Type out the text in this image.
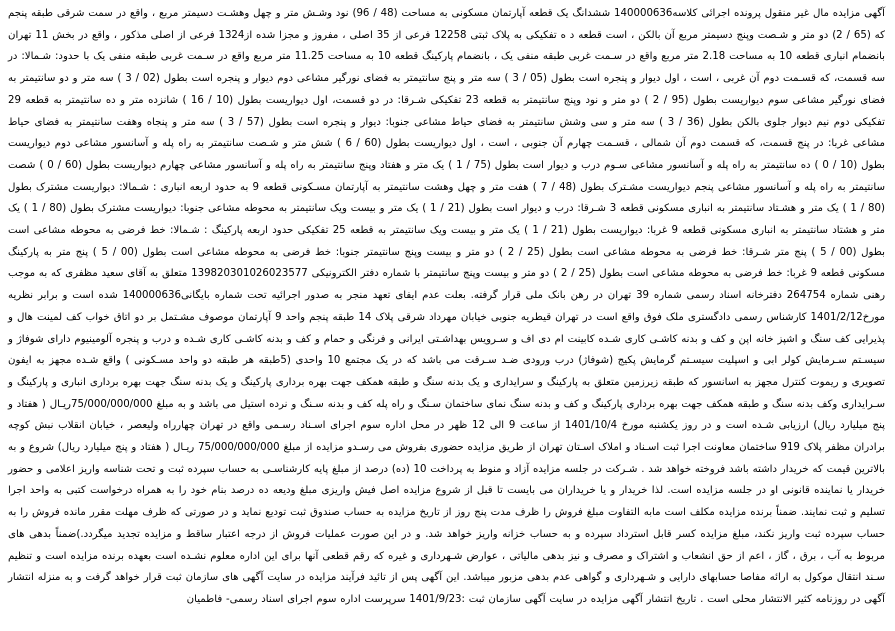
آگهی مزایده مال غیر منقول پرونده اجرائی کلاسه140000636 ششدانگ یک قطعه آپارتمان مسکونی به مساحت (48 / 96) نود وشـش متر و چهل وهشـت دسیمتر مربع ، واقع در سمت شرقی طبقه پنجم که (65 / 2) دو متر و شـصت وپنج دسیمتر مربع آن بالکن ، است قطعه د ه تفکیکی به پلاک ثبتی 12258 فرعی از 35 اصلی ، مفروز و مجزا شده از1324 فرعی از اصلی مذکور ، واقع در بخش 11 تهران بانضمام انباری قطعه 10 به مساحت 2.18 متر مربع واقع در سـمت غربی طبقه منفی یک ، بانضمام پارکینگ قطعه 10 به مساحت 11.25 متر مربع واقع در سـمت غربی طبقه منفی یک با حدود: شـمالا: در سه قسمت، که قسـمت دوم آن غربی ، است ، اول دیوار و پنجره است بطول (05 / 3 ) سه متر و پنج سانتیمتر به فضای نورگیر مشاعی دوم دیوار و پنجره است بطول (02 / 3 ) سه متر و دو سانتیمتر به فضای نورگیر مشاعی سوم دیواریست بطول (95 / 2 ) دو متر و نود وپنج سانتیمتر به قطعه 23 تفکیکی شـرقا: در دو قسمت، اول دیواریست بطول (10 / 16 ) شانزده متر و ده سانتیمتر به قطعه 29 تفکیکی دوم نیم دیوار جلوی بالکن بطول (36 / 3 ) سه متر و سی وشش سانتیمتر به فضای حیاط مشاعی جنوبا: دیوار و پنجره است بطول (57 / 3 ) سه متر و پنجاه وهفت سانتیمتر به فضای حیاط مشاعی غربا: در پنج قسمت، که قسمت دوم آن شمالی ، قسـمت چهارم آن جنوبی ، است ، اول دیواریست بطول (60 / 6 ) شش متر و شـصت سانتیمتر به راه پله و آسانسور مشاعی دوم دیواریست بطول (10 / 0 ) ده سانتیمتر به راه پله و آسانسور مشاعی سـوم درب و دیوار است بطول (75 / 1 ) یک متر و هفتاد وپنج سانتیمتر به راه پله و آسانسور مشاعی چهارم دیواریست بطول (60 / 0 ) شصت سانتیمتر به راه پله و آسانسور مشاعی پنجم دیواریست مشـترک بطول (48 / 7 ) هفت متر و چهل وهشت سانتیمتر به آپارتمان مسـکونی قطعه 9 به حدود اربعه انباری : شـمالا: دیواریست مشترک بطول (80 / 1 ) یک متر و هشـتاد سانتیمتر به انباری مسکونی قطعه 3 شـرقا: درب و دیوار است بطول (21 / 1 ) یک متر و بیست ویک سانتیمتر به محوطه مشاعی جنوبا: دیواریست مشترک بطول (80 / 1 ) یک متر و هشتاد سانتیمتر به انباری مسکونی قطعه 9 غربا: دیواریست بطول (21 / 1 ) یک متر و بیست ویک سانتیمتر به قطعه 25 تفکیکی حدود اربعه پارکینگ : شـمالا: خط فرضی به محوطه مشاعی است بطول (00 / 5 ) پنج متر شـرقا: خط فرضی به محوطه مشاعی است بطول (25 / 2 ) دو متر و بیست وپنج سانتیمتر جنوبا: خط فرضی به محوطه مشاعی است بطول (00 / 5 ) پنج متر به پارکینگ مسکونی قطعه 9 غربا: خط فرضی به محوطه مشاعی است بطول (25 / 2 ) دو متر و بیست وپنج سانتیمتر با شماره دفتر الکترونیکی 139820301026023577 متعلق به آقای سعید مظفری که به موجب رهنی شماره 264754 دفترخانه اسناد رسمی شماره 39 تهران در رهن بانک ملی قرار گرفته. بعلت عدم ایفای تعهد منجر به صدور اجرائیه تحت شماره بایگانی140000636 شده است و برابر نظریه مورخ1401/2/12 کارشناس رسمی دادگستری ملک فوق واقع است در تهران قیطریه جنوبی خیابان مهرداد شرقی پلاک 14 طبقه پنجم واحد 9 آپارتمان موصوف مشـتمل بر دو اتاق خواب کف لمینت هال و پذیرایی کف سنگ و اشپز خانه اپن و کف و بدنه کاشـی کاری شـده کابینت ام دی اف و سـرویس بهداشـتی ایرانی و فرنگی و حمام و کف و بدنه کاشـی کاری شـده و درب و پنجره آلومینیوم دارای شوفاژ و سیسـتم سـرمایش کولر ابی و اسپلیت سیسـتم گرمایش پکیج (شوفاژ) درب ورودی ضـد سـرقت می باشد که در یک مجتمع 10 واحدی (5طبقه هر طبقه دو واحد مسـکونی ) واقع شـده مجهز به ایفون تصویری و ریموت کنترل مجهز به اسانسور که طبقه زیرزمین متعلق به پارکینگ و سرایداری و یک بدنه سنگ و طبقه همکف جهت بهره برداری پارکینگ و یک بدنه سنگ جهت بهره برداری انباری و پارکینگ و سـرایداری وکف بدنه سنگ و طبقه همکف جهت بهره برداری پارکینگ و کف و بدنه سنگ نمای ساختمان سـنگ و راه پله کف و بدنه سـنگ و نرده استیل می باشد و به مبلغ 75/000/000/000ریـال ( هفتاد و پنج میلیارد ریال) ارزیابی شـده است و در روز یکشنبه مورخ 1401/10/4 از ساعت 9 الی 12 ظهر در محل اداره سوم اجرای اسـناد رسـمی واقع در تهران چهارراه ولیعصر ، خیابان انقلاب نبش کوچه برادران مظفر پلاک 919 ساختمان معاونت اجرا ثبت اسـناد و املاک اسـتان تهران از طریق مزایده حضوری بفروش می رسـدو مزایده از مبلغ 75/000/000/000 ریـال ( هفتاد و پنج میلیارد ریال) شروع و به بالاترین قیمت که خریدار داشته باشد فروخته خواهد شد . شـرکت در جلسه مزایده آزاد و منوط به پرداخت 10 (ده) درصد از مبلغ پایه کارشناسـی به حساب سپرده ثبت و تحت شناسه واریز اعلامی و حضور خریدار یا نماینده قانونی او در جلسه مزایده است. لذا خریدار و یا خریداران می بایست تا قبل از شروع مزایده اصل فیش واریزی مبلغ ودیعه ده درصد بنام خود را به همراه درخواست کتبی به واحد اجرا تسلیم و ثبت نمایند. ضمناً برنده مزایده مکلف است مابه التفاوت مبلغ فروش را ظرف مدت پنج روز از تاریخ مزایده به حساب صندوق ثبت تودیع نماید و در صورتی که ظرف مهلت مقرر مانده فروش را به حساب سپرده ثبت واریز نکند، مبلغ مزایده کسر قابل استرداد سپرده و به حساب خزانه واریز خواهد شد. و در این صورت عملیات فروش از درجه اعتبار ساقط و مزایده تجدید میگردد.)ضمناً بدهی های مربوط به آب ، برق ، گاز ، اعم از حق انشعاب و اشتراک و مصرف و نیز بدهی مالیاتی ، عوارض شـهرداری و غیره که رقم قطعی آنها برای این اداره معلوم نشـده است بعهده برنده مزایده است و تنظیم سـند انتقال موکول به ارائه مفاصا حسابهای دارایی و شـهرداری و گواهی عدم بدهی مزبور میباشد. این آگهی پس از تائید فرآیند مزایده در سایت آگهی های سازمان ثبت قرار خواهد گرفت و به منزله انتشار آگهی در روزنامه کثیر الانتشار محلی است . تاریخ انتشار آگهی مزایده در سایت آگهی سازمان ثبت :1401/9/23 سرپرست اداره سوم اجرای اسناد رسمی- فاطمیان
